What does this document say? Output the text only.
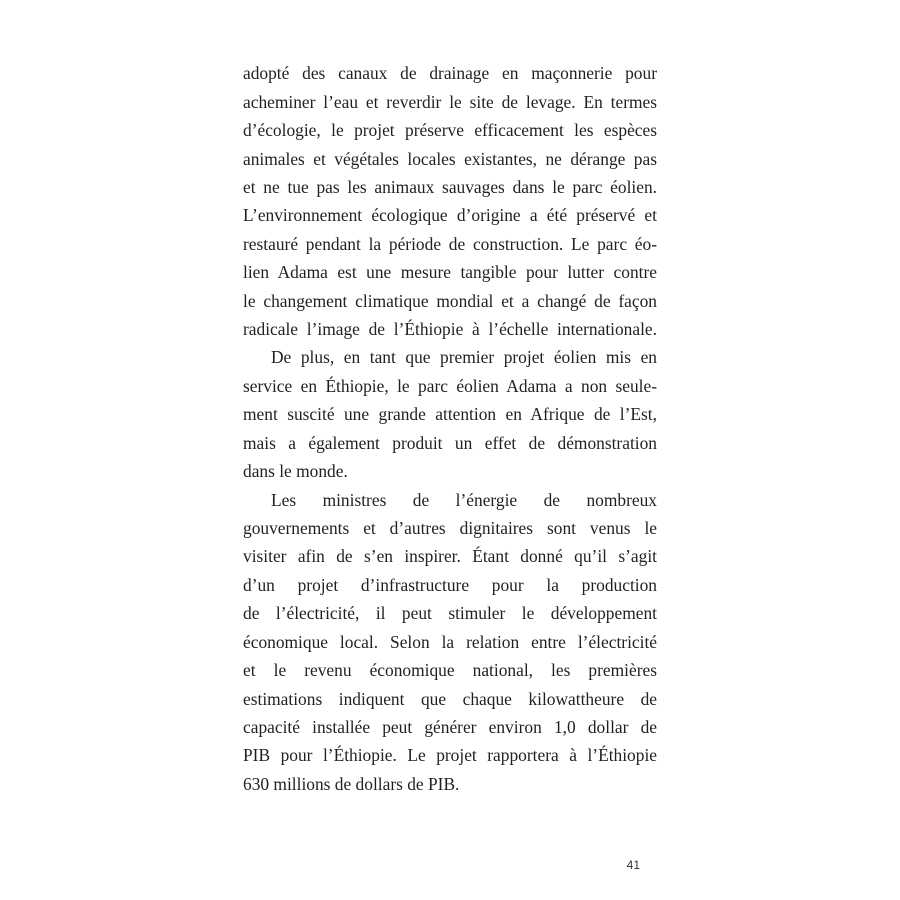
adopté des canaux de drainage en maçonnerie pour
acheminer l’eau et reverdir le site de levage. En termes
d’écologie, le projet préserve efficacement les espèces
animales et végétales locales existantes, ne dérange pas
et ne tue pas les animaux sauvages dans le parc éolien.
L’environnement écologique d’origine a été préservé et
restauré pendant la période de construction. Le parc éo-
lien Adama est une mesure tangible pour lutter contre
le changement climatique mondial et a changé de façon
radicale l’image de l’Éthiopie à l’échelle internationale.
De plus, en tant que premier projet éolien mis en
service en Éthiopie, le parc éolien Adama a non seule-
ment suscité une grande attention en Afrique de l’Est,
mais a également produit un effet de démonstration
dans le monde.
Les ministres de l’énergie de nombreux
gouvernements et d’autres dignitaires sont venus le
visiter afin de s’en inspirer. Étant donné qu’il s’agit
d’un projet d’infrastructure pour la production
de l’électricité, il peut stimuler le développement
économique local. Selon la relation entre l’électricité
et le revenu économique national, les premières
estimations indiquent que chaque kilowattheure de
capacité installée peut générer environ 1,0 dollar de
PIB pour l’Éthiopie. Le projet rapportera à l’Éthiopie
630 millions de dollars de PIB.
41
